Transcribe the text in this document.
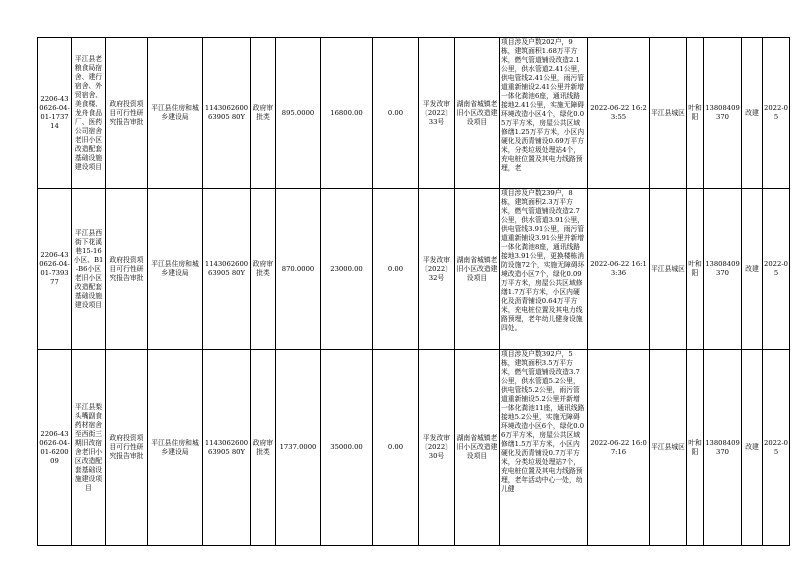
2206-430626-04-01-173714	平江县老粮食局宿舍、建行宿舍、外贸宿舍、美食楼、龙舟食品厂、医药公司宿舍老旧小区改造配套基础设施建设项目	政府投资项目可行性研究报告审批	平江县住房和城乡建设局	114306260063905 80Y	政府审批类	895.0000	16800.00	0.00	平发改审〔2022〕33号	湖南省城镇老旧小区改造建设项目	项目涉及户数202户，9栋，建筑面积1.68万平方米，燃气管道铺设改造2.1公里，供水管道2.41公里，供电管线2.41公里，雨污管道重新铺设2.41公里并新增一体化粪池6座，通讯线路接地2.41公里，实施无障碍环境改造小区4个，绿化0.05万平方米，房屋公共区域修缮1.25万平方米，小区内硬化及沥青铺设0.69万平方米，分类垃圾处理站4个，充电桩位置及其电力线路预埋，老	2022-06-22 16:23:55	平江县城区	叶和阳	13808409370	改建	2022-05
2206-430626-04-01-739377	平江县西街下花溪巷15-16小区、B1-B6小区老旧小区改造配套基础设施建设项目	政府投资项目可行性研究报告审批	平江县住房和城乡建设局	114306260063905 80Y	政府审批类	870.0000	23000.00	0.00	平发改审〔2022〕32号	湖南省城镇老旧小区改造建设项目	项目涉及户数239户，8栋，建筑面积2.3万平方米，燃气管道铺设改造2.7公里，供水管道3.91公里，供电管线3.91公里，雨污管道重新铺设3.91公里并新增一体化粪池8座，通讯线路接地3.91公里，更换楼栋消防设施72个，实施无障碍环境改造小区7个，绿化0.09万平方米，房屋公共区域修缮1.7万平方米，小区内硬化及沥青铺设0.64万平方米，充电桩位置及其电力线路预埋，老年幼儿健身设施四处。	2022-06-22 16:13:36	平江县城区	叶和阳	13808409370	改建	2022-05
2206-430626-04-01-620009	平江县梨头嘴副食药材宿舍至西街三期旧改宿舍老旧小区改造配套基础设施建设项目	政府投资项目可行性研究报告审批	平江县住房和城乡建设局	114306260063905 80Y	政府审批类	1737.0000	35000.00	0.00	平发改审〔2022〕30号	湖南省城镇老旧小区改造建设项目	项目涉及户数392户，5栋，建筑面积3.5万平方米，燃气管道铺设改造3.7公里，供水管道5.2公里，供电管线5.2公里，雨污管道重新铺设5.2公里并新增一体化粪池11座，通讯线路接地5.2公里，实施无障碍环境改造小区6个，绿化0.06万平方米，房屋公共区域修缮1.5万平方米，小区内硬化及沥青铺设0.7万平方米，分类垃圾处理站7个，充电桩位置及其电力线路预埋，老年活动中心一处，幼儿健	2022-06-22 16:07:16	平江县城区	叶和阳	13808409370	改建	2022-05
